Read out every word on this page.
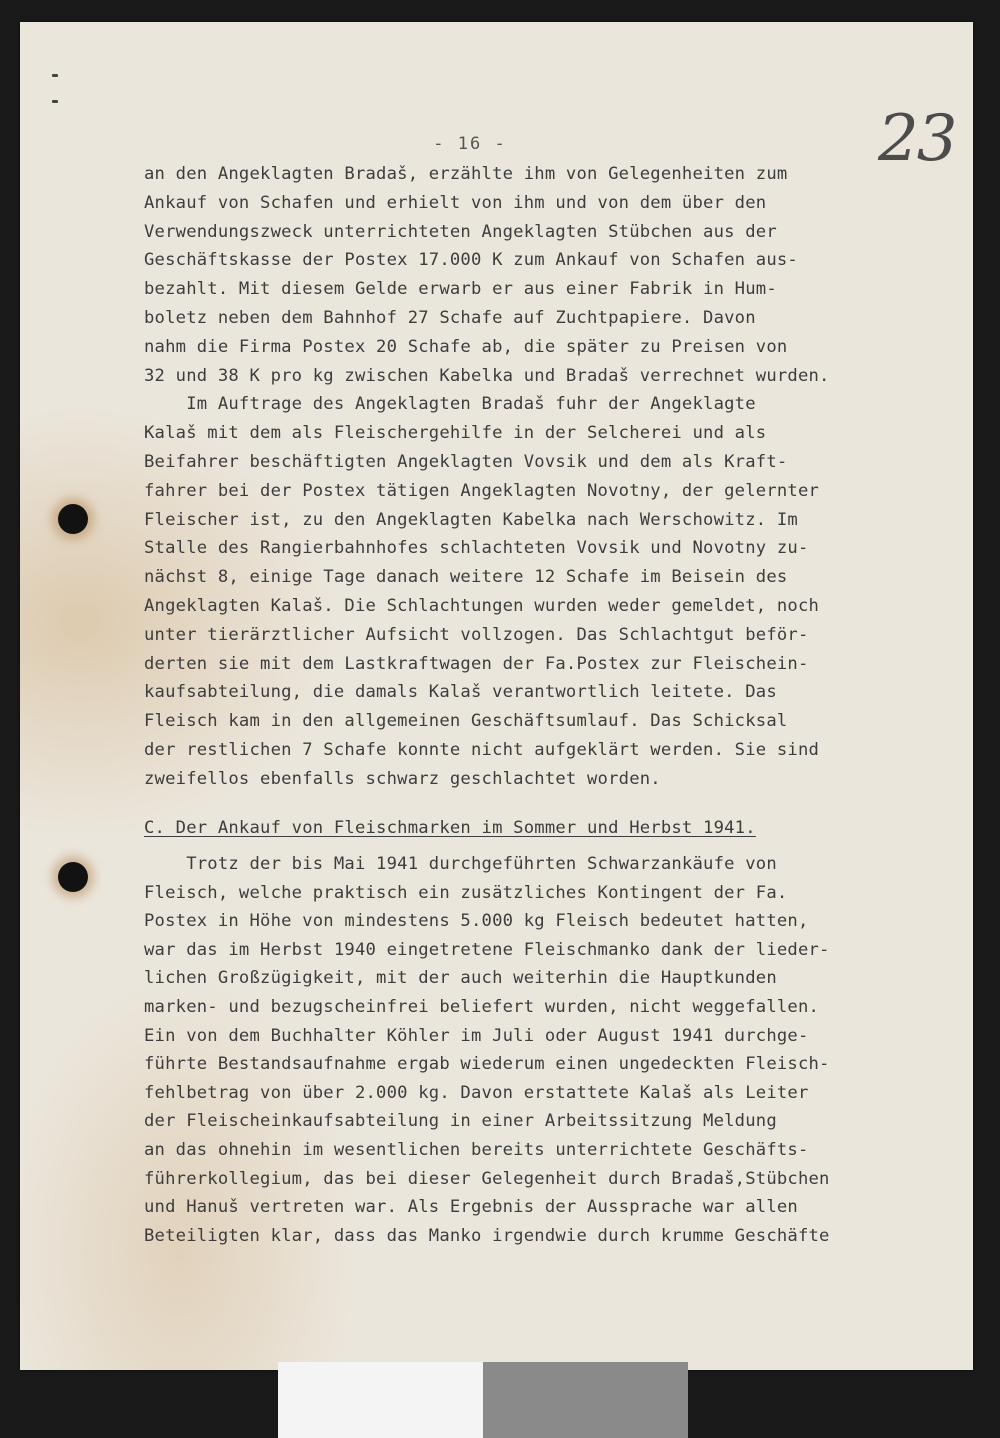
- 16 -	23
an den Angeklagten Bradaš, erzählte ihm von Gelegenheiten zum
Ankauf von Schafen und erhielt von ihm und von dem über den
Verwendungszweck unterrichteten Angeklagten Stübchen aus der
Geschäftskasse der Postex 17.000 K zum Ankauf von Schafen aus-
bezahlt. Mit diesem Gelde erwarb er aus einer Fabrik in Hum-
boletz neben dem Bahnhof 27 Schafe auf Zuchtpapiere. Davon
nahm die Firma Postex 20 Schafe ab, die später zu Preisen von
32 und 38 K pro kg zwischen Kabelka und Bradaš verrechnet wurden.
Im Auftrage des Angeklagten Bradaš fuhr der Angeklagte
Kalaš mit dem als Fleischergehilfe in der Selcherei und als
Beifahrer beschäftigten Angeklagten Vovsik und dem als Kraft-
fahrer bei der Postex tätigen Angeklagten Novotny, der gelernter
Fleischer ist, zu den Angeklagten Kabelka nach Werschowitz. Im
Stalle des Rangierbahnhofes schlachteten Vovsik und Novotny zu-
nächst 8, einige Tage danach weitere 12 Schafe im Beisein des
Angeklagten Kalaš. Die Schlachtungen wurden weder gemeldet, noch
unter tierärztlicher Aufsicht vollzogen. Das Schlachtgut beför-
derten sie mit dem Lastkraftwagen der Fa.Postex zur Fleischein-
kaufsabteilung, die damals Kalaš verantwortlich leitete. Das
Fleisch kam in den allgemeinen Geschäftsumlauf. Das Schicksal
der restlichen 7 Schafe konnte nicht aufgeklärt werden. Sie sind
zweifellos ebenfalls schwarz geschlachtet worden.
C. Der Ankauf von Fleischmarken im Sommer und Herbst 1941.
Trotz der bis Mai 1941 durchgeführten Schwarzankäufe von
Fleisch, welche praktisch ein zusätzliches Kontingent der Fa.
Postex in Höhe von mindestens 5.000 kg Fleisch bedeutet hatten,
war das im Herbst 1940 eingetretene Fleischmanko dank der lieder-
lichen Großzügigkeit, mit der auch weiterhin die Hauptkunden
marken- und bezugscheinfrei beliefert wurden, nicht weggefallen.
Ein von dem Buchhalter Köhler im Juli oder August 1941 durchge-
führte Bestandsaufnahme ergab wiederum einen ungedeckten Fleisch-
fehlbetrag von über 2.000 kg. Davon erstattete Kalaš als Leiter
der Fleischeinkaufsabteilung in einer Arbeitssitzung Meldung
an das ohnehin im wesentlichen bereits unterrichtete Geschäfts-
führerkollegium, das bei dieser Gelegenheit durch Bradaš,Stübchen
und Hanuš vertreten war. Als Ergebnis der Aussprache war allen
Beteiligten klar, dass das Manko irgendwie durch krumme Geschäfte
